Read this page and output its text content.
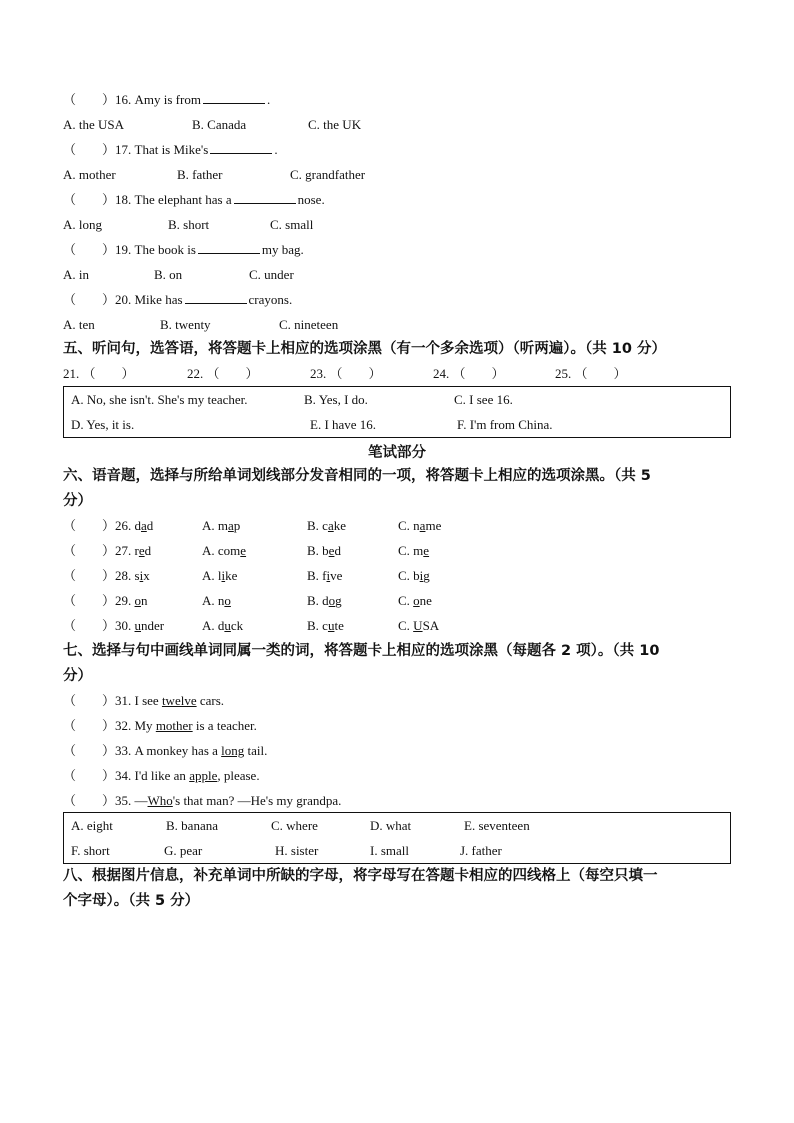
（　　）16. Amy is from	.
A. the USA	B. Canada	C. the UK
（　　）17. That is Mike's	.
A. mother	B. father	C. grandfather
（　　）18. The elephant has a	nose.
A. long	B. short	C. small
（　　）19. The book is	my bag.
A. in	B. on	C. under
（　　）20. Mike has	crayons.
A. ten	B. twenty	C. nineteen
五、听问句，选答语，将答题卡上相应的选项涂黑（有一个多余选项）（听两遍）。（共 10 分）
21. （　　）	22. （　　）	23. （　　）	24. （　　）	25. （　　）
A. No, she isn't. She's my teacher.	B. Yes, I do.	C. I see 16.
D. Yes, it is.	E. I have 16.	F. I'm from China.
笔试部分
六、语音题，选择与所给单词划线部分发音相同的一项，将答题卡上相应的选项涂黑。（共 5
分）
（　　）26. dad	A. map	B. cake	C. name
（　　）27. red	A. come	B. bed	C. me
（　　）28. six	A. like	B. five	C. big
（　　）29. on	A. no	B. dog	C. one
（　　）30. under	A. duck	B. cute	C. USA
七、选择与句中画线单词同属一类的词，将答题卡上相应的选项涂黑（每题各 2 项）。（共 10
分）
（　　）31. I see twelve cars.
（　　）32. My mother is a teacher.
（　　）33. A monkey has a long tail.
（　　）34. I'd like an apple, please.
（　　）35. —Who's that man? —He's my grandpa.
A. eight	B. banana	C. where	D. what	E. seventeen
F. short	G. pear	H. sister	I. small	J. father
八、根据图片信息，补充单词中所缺的字母，将字母写在答题卡相应的四线格上（每空只填一
个字母）。（共 5 分）
